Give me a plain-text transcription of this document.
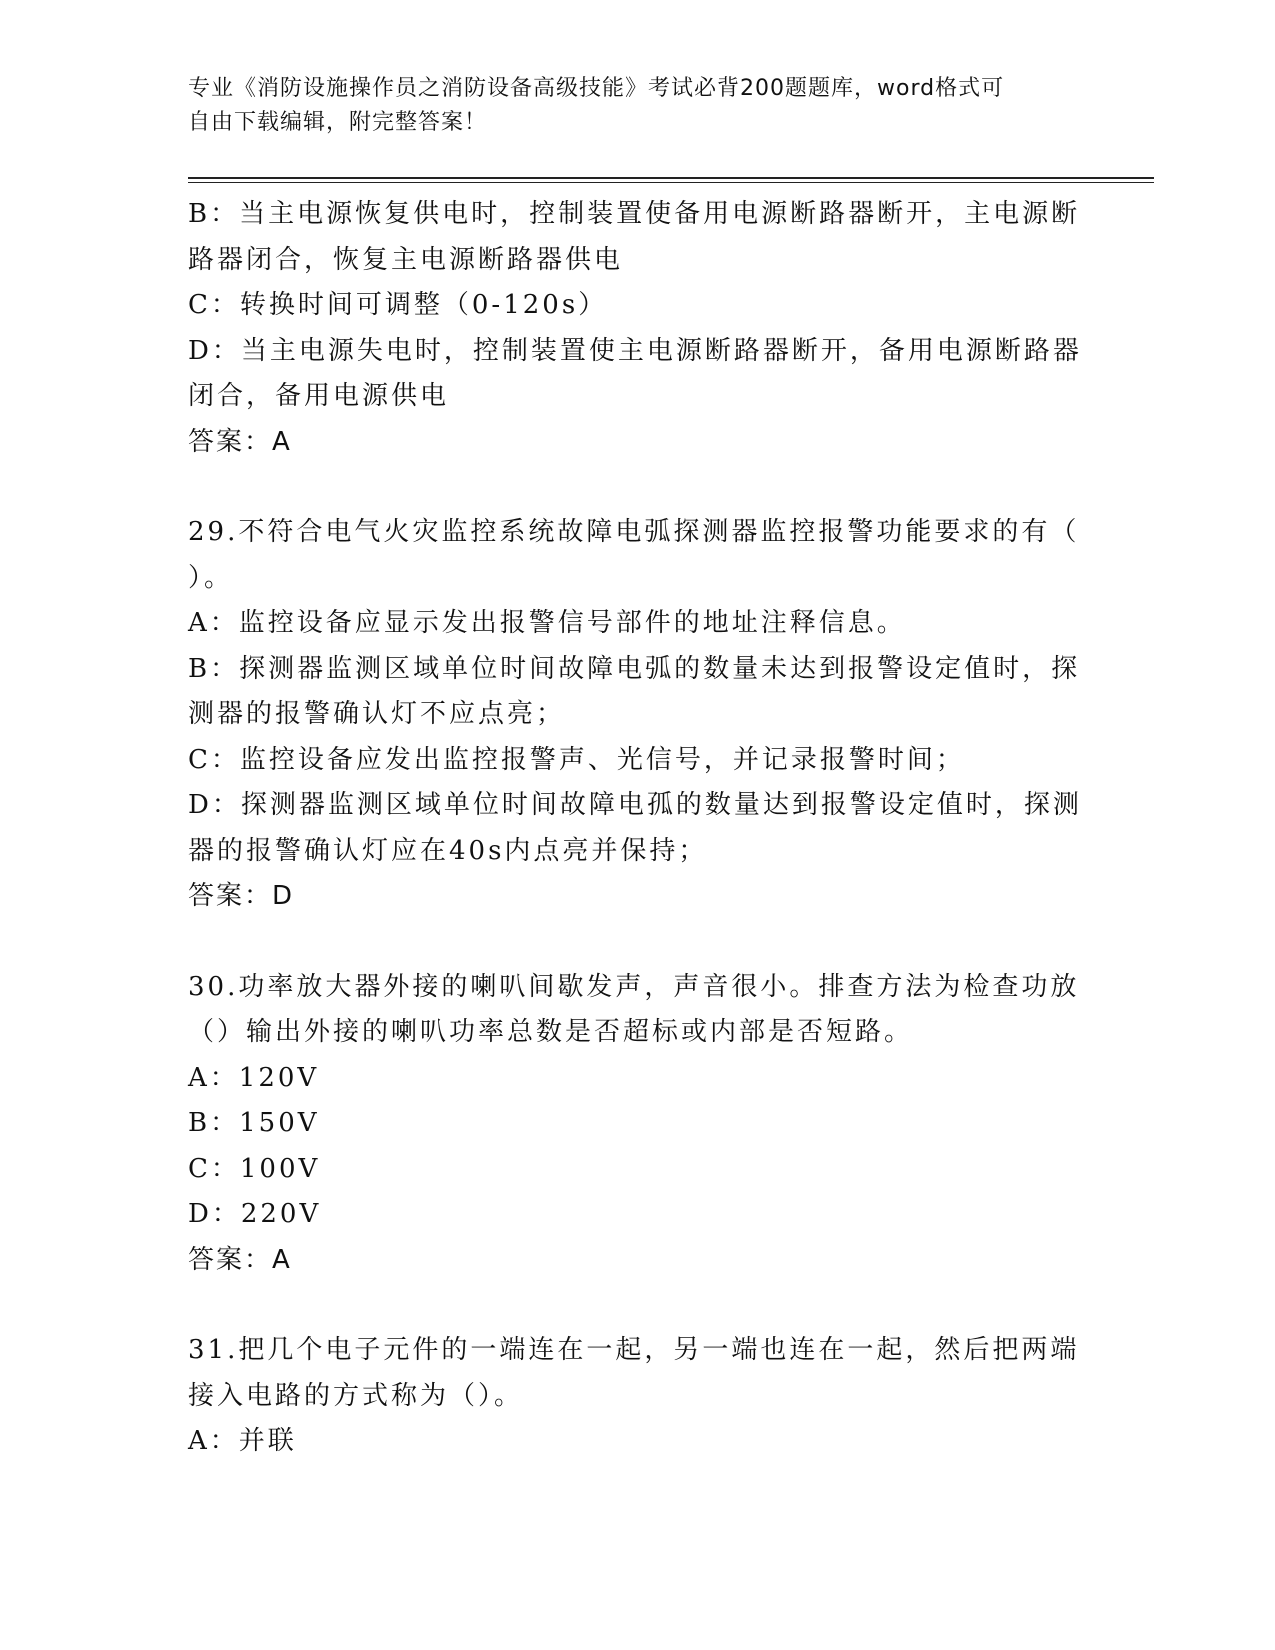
专业《消防设施操作员之消防设备高级技能》考试必背200题题库，word格式可
自由下载编辑，附完整答案！
B：当主电源恢复供电时，控制装置使备用电源断路器断开，主电源断
路器闭合，恢复主电源断路器供电
C：转换时间可调整（0-120s）
D：当主电源失电时，控制装置使主电源断路器断开，备用电源断路器
闭合，备用电源供电
答案：A
29.不符合电气火灾监控系统故障电弧探测器监控报警功能要求的有（
）。
A：监控设备应显示发出报警信号部件的地址注释信息。
B：探测器监测区域单位时间故障电弧的数量未达到报警设定值时，探
测器的报警确认灯不应点亮；
C：监控设备应发出监控报警声、光信号，并记录报警时间；
D：探测器监测区域单位时间故障电孤的数量达到报警设定值时，探测
器的报警确认灯应在40s内点亮并保持；
答案：D
30.功率放大器外接的喇叭间歇发声，声音很小。排查方法为检查功放
（）输出外接的喇叭功率总数是否超标或内部是否短路。
A：120V
B：150V
C：100V
D：220V
答案：A
31.把几个电子元件的一端连在一起，另一端也连在一起，然后把两端
接入电路的方式称为（）。
A：并联
